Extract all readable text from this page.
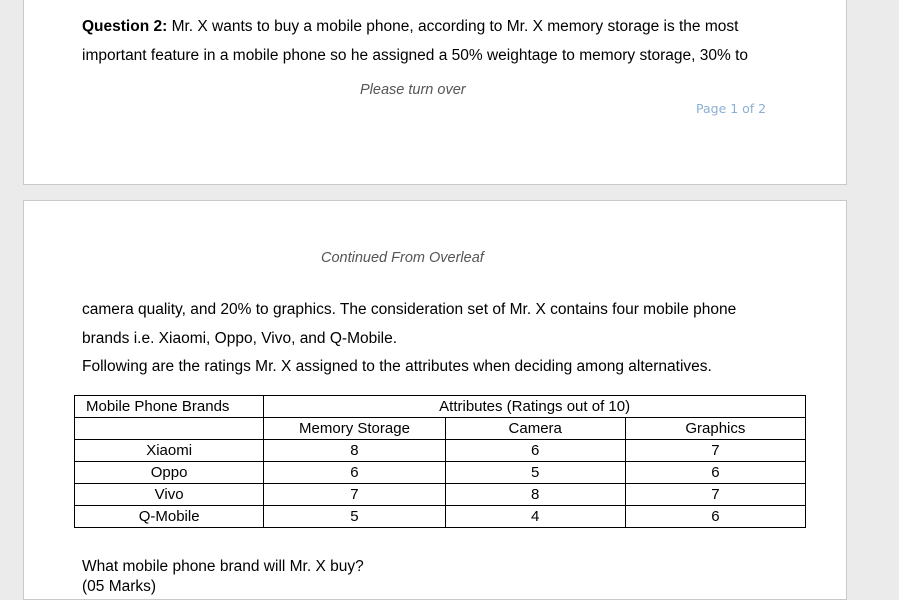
Question 2: Mr. X wants to buy a mobile phone, according to Mr. X memory storage is the most
important feature in a mobile phone so he assigned a 50% weightage to memory storage, 30% to

Please turn over
Page 1 of 2
Continued From Overleaf

camera quality, and 20% to graphics. The consideration set of Mr. X contains four mobile phone
brands i.e. Xiaomi, Oppo, Vivo, and Q-Mobile.
Following are the ratings Mr. X assigned to the attributes when deciding among alternatives.

Mobile Phone Brands	Attributes (Ratings out of 10)		
	Memory Storage	Camera	Graphics
Xiaomi	8	6	7
Oppo	6	5	6
Vivo	7	8	7
Q-Mobile	5	4	6
What mobile phone brand will Mr. X buy?
(05 Marks)
